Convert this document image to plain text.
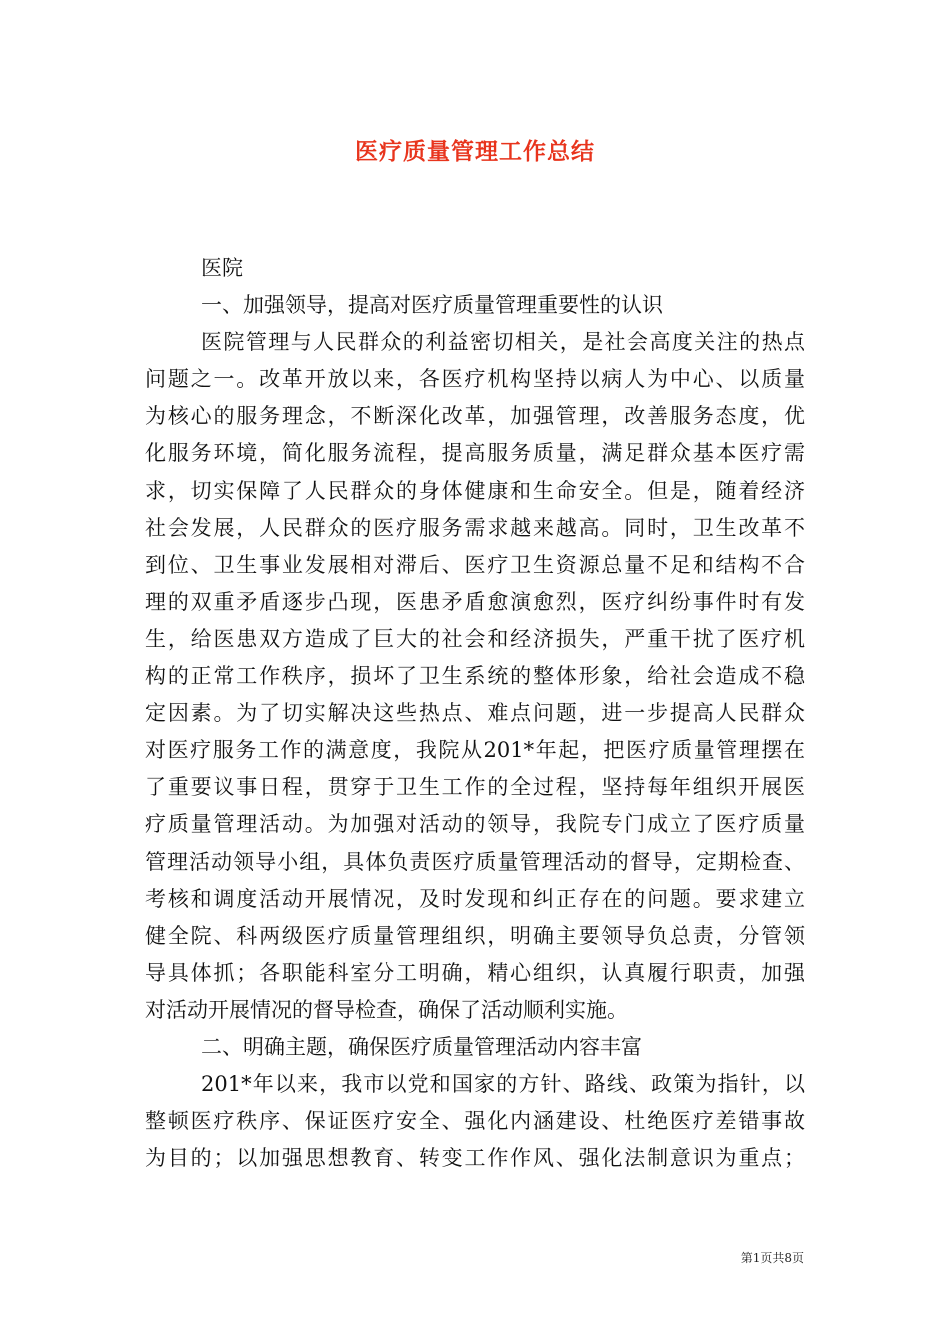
医疗质量管理工作总结
医院
一、加强领导，提高对医疗质量管理重要性的认识
医院管理与人民群众的利益密切相关，是社会高度关注的热点
问题之一。改革开放以来，各医疗机构坚持以病人为中心、以质量
为核心的服务理念，不断深化改革，加强管理，改善服务态度，优
化服务环境，简化服务流程，提高服务质量，满足群众基本医疗需
求，切实保障了人民群众的身体健康和生命安全。但是，随着经济
社会发展，人民群众的医疗服务需求越来越高。同时，卫生改革不
到位、卫生事业发展相对滞后、医疗卫生资源总量不足和结构不合
理的双重矛盾逐步凸现，医患矛盾愈演愈烈，医疗纠纷事件时有发
生，给医患双方造成了巨大的社会和经济损失，严重干扰了医疗机
构的正常工作秩序，损坏了卫生系统的整体形象，给社会造成不稳
定因素。为了切实解决这些热点、难点问题，进一步提高人民群众
对医疗服务工作的满意度，我院从201*年起，把医疗质量管理摆在
了重要议事日程，贯穿于卫生工作的全过程，坚持每年组织开展医
疗质量管理活动。为加强对活动的领导，我院专门成立了医疗质量
管理活动领导小组，具体负责医疗质量管理活动的督导，定期检查、
考核和调度活动开展情况，及时发现和纠正存在的问题。要求建立
健全院、科两级医疗质量管理组织，明确主要领导负总责，分管领
导具体抓；各职能科室分工明确，精心组织，认真履行职责，加强
对活动开展情况的督导检查，确保了活动顺利实施。
二、明确主题，确保医疗质量管理活动内容丰富
201*年以来，我市以党和国家的方针、路线、政策为指针，以
整顿医疗秩序、保证医疗安全、强化内涵建设、杜绝医疗差错事故
为目的；以加强思想教育、转变工作作风、强化法制意识为重点；
第1页共8页
